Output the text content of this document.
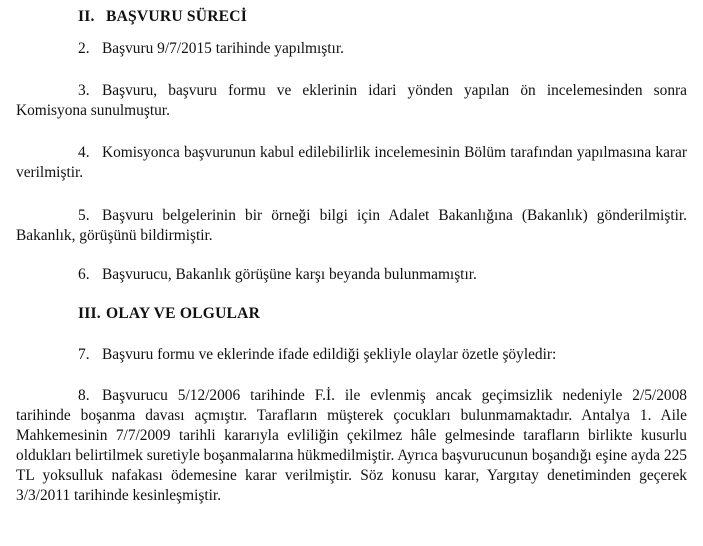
II. BAŞVURU SÜRECİ
2. Başvuru 9/7/2015 tarihinde yapılmıştır.
3. Başvuru, başvuru formu ve eklerinin idari yönden yapılan ön incelemesinden sonra Komisyona sunulmuştur.
4. Komisyonca başvurunun kabul edilebilirlik incelemesinin Bölüm tarafından yapılmasına karar verilmiştir.
5. Başvuru belgelerinin bir örneği bilgi için Adalet Bakanlığına (Bakanlık) gönderilmiştir. Bakanlık, görüşünü bildirmiştir.
6. Başvurucu, Bakanlık görüşüne karşı beyanda bulunmamıştır.
III. OLAY VE OLGULAR
7. Başvuru formu ve eklerinde ifade edildiği şekliyle olaylar özetle şöyledir:
8. Başvurucu 5/12/2006 tarihinde F.İ. ile evlenmiş ancak geçimsizlik nedeniyle 2/5/2008 tarihinde boşanma davası açmıştır. Tarafların müşterek çocukları bulunmamaktadır. Antalya 1. Aile Mahkemesinin 7/7/2009 tarihli kararıyla evliliğin çekilmez hâle gelmesinde tarafların birlikte kusurlu oldukları belirtilmek suretiyle boşanmalarına hükmedilmiştir. Ayrıca başvurucunun boşandığı eşine ayda 225 TL yoksulluk nafakası ödemesine karar verilmiştir. Söz konusu karar, Yargıtay denetiminden geçerek 3/3/2011 tarihinde kesinleşmiştir.
